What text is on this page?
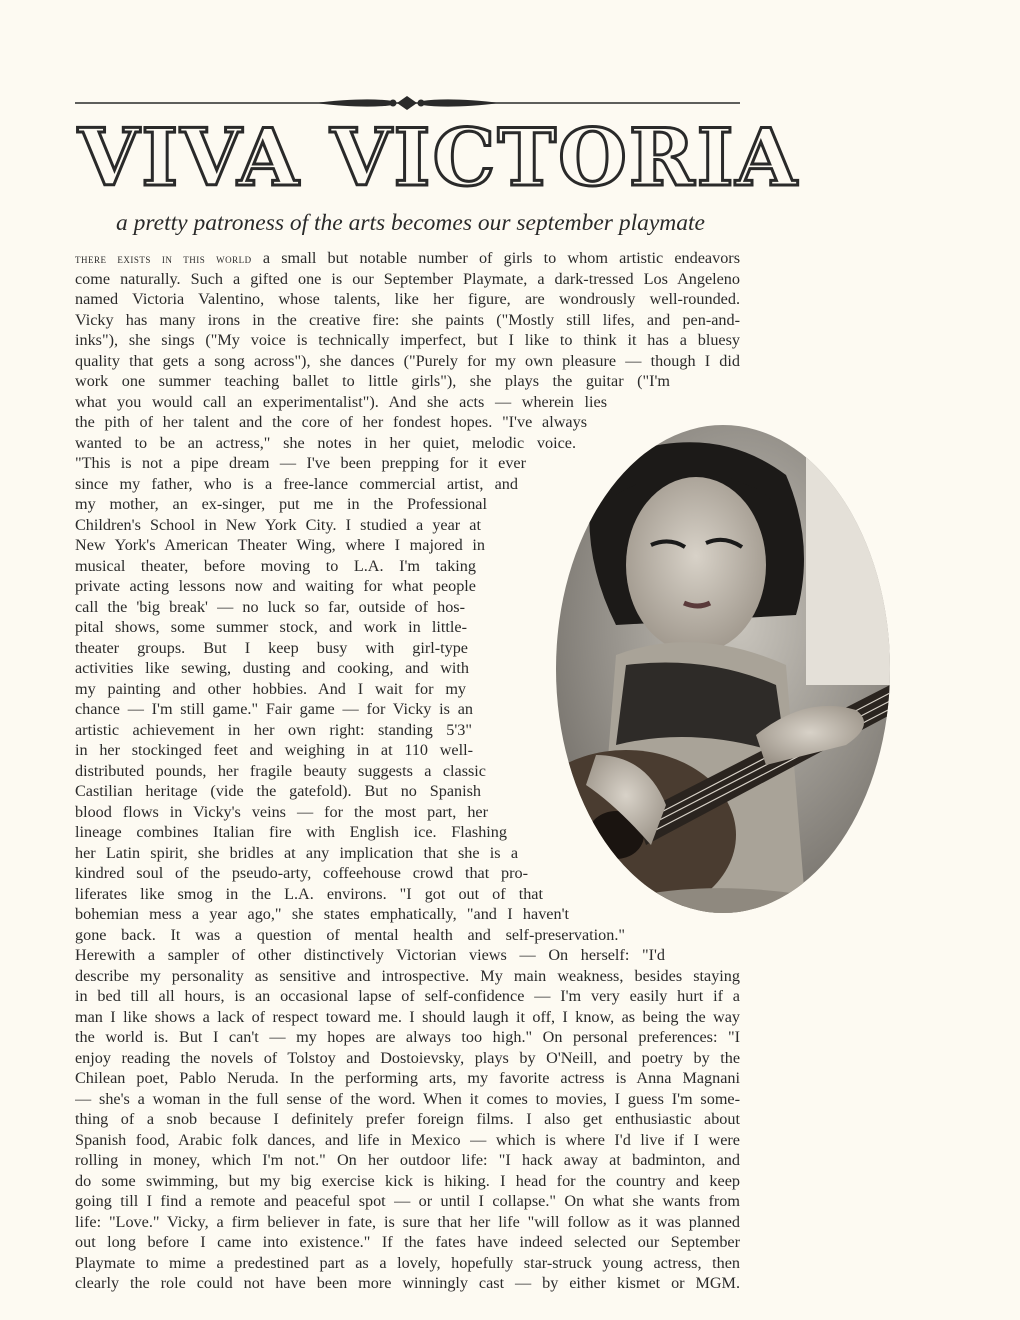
VIVA VICTORIA

a pretty patroness of the arts becomes our september playmate

there exists in this world a small but notable number of girls to whom artistic endeavors
come naturally. Such a gifted one is our September Playmate, a dark-tressed Los Angeleno
named Victoria Valentino, whose talents, like her figure, are wondrously well-rounded.
Vicky has many irons in the creative fire: she paints ("Mostly still lifes, and pen-and-
inks"), she sings ("My voice is technically imperfect, but I like to think it has a bluesy
quality that gets a song across"), she dances ("Purely for my own pleasure — though I did
work one summer teaching ballet to little girls"), she plays the guitar ("I'm
what you would call an experimentalist"). And she acts — wherein lies
the pith of her talent and the core of her fondest hopes. "I've always
wanted to be an actress," she notes in her quiet, melodic voice.
"This is not a pipe dream — I've been prepping for it ever
since my father, who is a free-lance commercial artist, and
my mother, an ex-singer, put me in the Professional
Children's School in New York City. I studied a year at
New York's American Theater Wing, where I majored in
musical theater, before moving to L.A. I'm taking
private acting lessons now and waiting for what people
call the 'big break' — no luck so far, outside of hos-
pital shows, some summer stock, and work in little-
theater groups. But I keep busy with girl-type
activities like sewing, dusting and cooking, and with
my painting and other hobbies. And I wait for my
chance — I'm still game." Fair game — for Vicky is an
artistic achievement in her own right: standing 5'3"
in her stockinged feet and weighing in at 110 well-
distributed pounds, her fragile beauty suggests a classic
Castilian heritage (vide the gatefold). But no Spanish
blood flows in Vicky's veins — for the most part, her
lineage combines Italian fire with English ice. Flashing
her Latin spirit, she bridles at any implication that she is a
kindred soul of the pseudo-arty, coffeehouse crowd that pro-
liferates like smog in the L.A. environs. "I got out of that
bohemian mess a year ago," she states emphatically, "and I haven't
gone back. It was a question of mental health and self-preservation."
Herewith a sampler of other distinctively Victorian views — On herself: "I'd
describe my personality as sensitive and introspective. My main weakness, besides staying
in bed till all hours, is an occasional lapse of self-confidence — I'm very easily hurt if a
man I like shows a lack of respect toward me. I should laugh it off, I know, as being the way
the world is. But I can't — my hopes are always too high." On personal preferences: "I
enjoy reading the novels of Tolstoy and Dostoievsky, plays by O'Neill, and poetry by the
Chilean poet, Pablo Neruda. In the performing arts, my favorite actress is Anna Magnani
— she's a woman in the full sense of the word. When it comes to movies, I guess I'm some-
thing of a snob because I definitely prefer foreign films. I also get enthusiastic about
Spanish food, Arabic folk dances, and life in Mexico — which is where I'd live if I were
rolling in money, which I'm not." On her outdoor life: "I hack away at badminton, and
do some swimming, but my big exercise kick is hiking. I head for the country and keep
going till I find a remote and peaceful spot — or until I collapse." On what she wants from
life: "Love." Vicky, a firm believer in fate, is sure that her life "will follow as it was planned
out long before I came into existence." If the fates have indeed selected our September
Playmate to mime a predestined part as a lovely, hopefully star-struck young actress, then
clearly the role could not have been more winningly cast — by either kismet or MGM.
C
